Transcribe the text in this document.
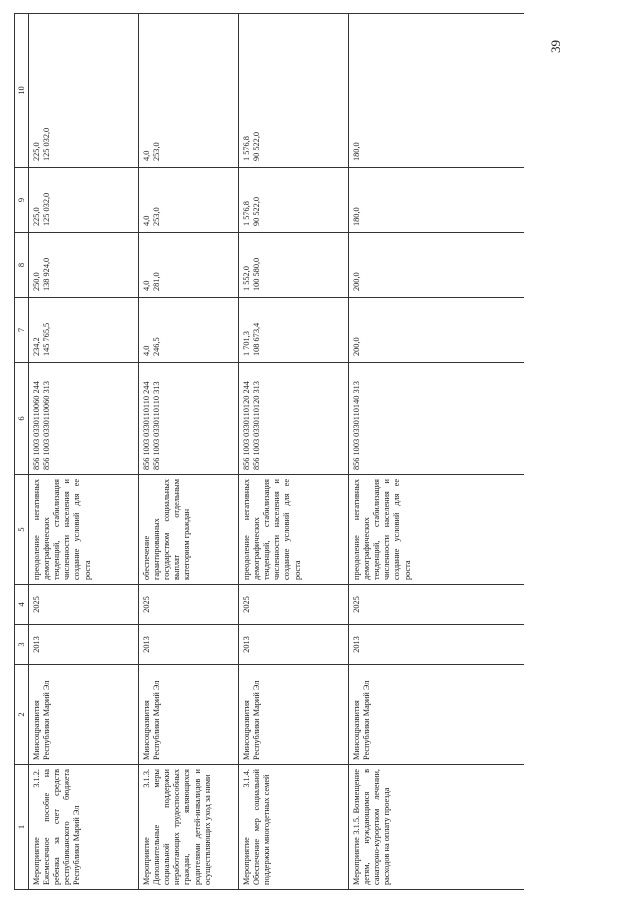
39
1	2	3	4	5	6	7	8	9	10
Мероприятие 3.1.2. Ежемесячное пособие на ребенка за счет средств республиканского бюджета Республики Марий Эл	Минсоцразвития Республики Марий Эл	2013	2025	преодоление негативных демографических тенденций, стабилизация численности населения и создание условий для ее роста	856 1003 0330110060 244 856 1003 0330110060 313	234,2 145 765,5	250,0 138 924,0	225,0 125 032,0	225,0 125 032,0

Мероприятие 3.1.3. Дополнительные меры социальной поддержки неработающих трудоспособных граждан, являющихся родителями детей-инвалидов и осуществляющих уход за ними	Минсоцразвития Республики Марий Эл	2013	2025	обеспечение гарантированных государством социальных выплат отдельным категориям граждан	856 1003 0330110110 244 856 1003 0330110110 313	4,0 246,5	4,0 281,0	4,0 253,0	4,0 253,0

Мероприятие 3.1.4. Обеспечение мер социальной поддержки многодетных семей	Минсоцразвития Республики Марий Эл	2013	2025	преодоление негативных демографических тенденций, стабилизация численности населения и создание условий для ее роста	856 1003 0330110120 244 856 1003 0330110120 313	1 701,3 108 673,4	1 552,0 100 580,0	1 576,8 90 522,0	1 576,8 90 522,0

Мероприятие 3.1.5. Возмещение детям, нуждающимся в санаторно-курортном лечении, расходов на оплату проезда	Минсоцразвития Республики Марий Эл	2013	2025	преодоление негативных демографических тенденций, стабилизация численности населения и создание условий для ее роста	856 1003 0330110140 313	200,0	200,0	180,0	180,0
